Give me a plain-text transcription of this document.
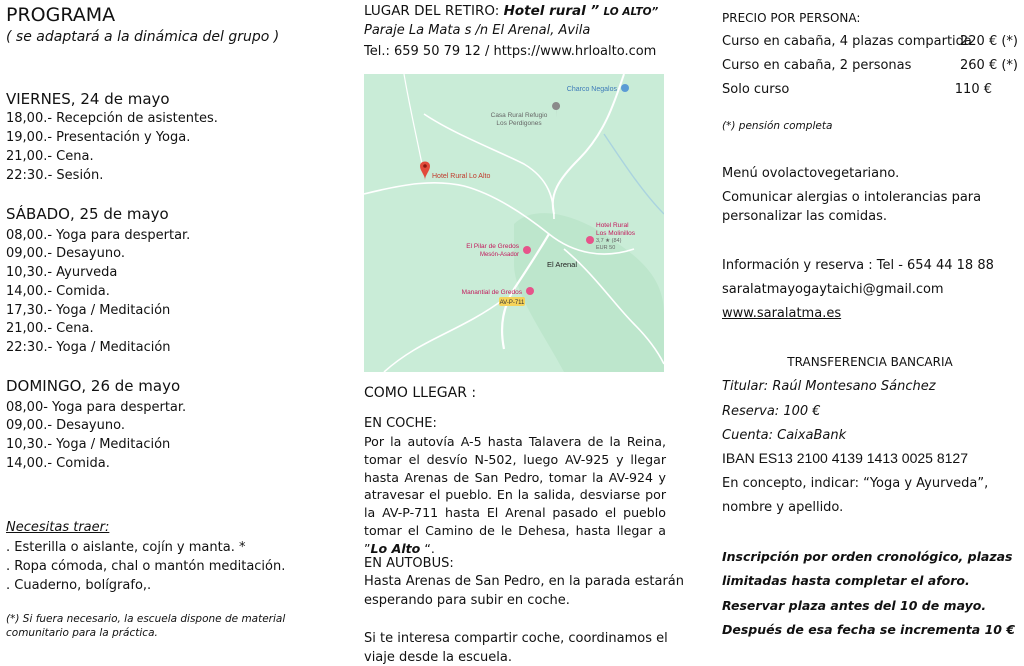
PROGRAMA
( se adaptará a la dinámica del grupo )
VIERNES, 24 de mayo
18,00.- Recepción de asistentes.
19,00.- Presentación y Yoga.
21,00.- Cena.
22:30.- Sesión.
SÁBADO, 25 de mayo
08,00.- Yoga para despertar.
09,00.- Desayuno.
10,30.- Ayurveda
14,00.- Comida.
17,30.- Yoga / Meditación
21,00.- Cena.
22:30.- Yoga / Meditación
DOMINGO, 26 de mayo
08,00- Yoga para despertar.
09,00.- Desayuno.
10,30.- Yoga / Meditación
14,00.- Comida.
Necesitas traer:
. Esterilla o aislante, cojín y manta. *
. Ropa cómoda, chal o mantón meditación.
. Cuaderno, bolígrafo,.
(*) Si fuera necesario, la escuela dispone de material
comunitario para la práctica.
LUGAR DEL RETIRO: Hotel rural ” LO ALTO”
Paraje La Mata s /n El Arenal, Avila
Tel.: 659 50 79 12 / https://www.hrloalto.com
AV-P-711
Charco Negalos
Casa Rural Refugio
Los Perdigones
Hotel Rural Lo Alto
El Pilar de Gredos
Mesón-Asador
Hotel Rural
Los Molinillos
3,7 ★ (84)
EUR 50
El Arenal
Manantial de Gredos
COMO LLEGAR :
EN COCHE:
Por la autovía A-5 hasta Talavera de la Reina, tomar el desvío N-502, luego AV-925 y llegar hasta Arenas de San Pedro, tomar la AV-924 y atravesar el pueblo. En la salida, desviarse por la AV-P-711 hasta El Arenal pasado el pueblo tomar el Camino de le Dehesa, hasta llegar a ”Lo Alto “.
EN AUTOBUS:
Hasta Arenas de San Pedro, en la parada estarán
esperando para subir en coche.
Si te interesa compartir coche, coordinamos el
viaje desde la escuela.
PRECIO POR PERSONA:
Curso en cabaña, 4 plazas compartida
220 € (*)
Curso en cabaña, 2 personas	260 € (*)
Solo curso	110 €
(*) pensión completa
Menú ovolactovegetariano.
Comunicar alergias o intolerancias para
personalizar las comidas.
Información y reserva : Tel - 654 44 18 88
saralatmayogaytaichi@gmail.com
www.saralatma.es
TRANSFERENCIA BANCARIA
Titular: Raúl Montesano Sánchez
Reserva: 100 €
Cuenta: CaixaBank
IBAN ES13 2100 4139 1413 0025 8127
En concepto, indicar: “Yoga y Ayurveda”,
nombre y apellido.
Inscripción por orden cronológico, plazas
limitadas hasta completar el aforo.
Reservar plaza antes del 10 de mayo.
Después de esa fecha se incrementa 10 €
